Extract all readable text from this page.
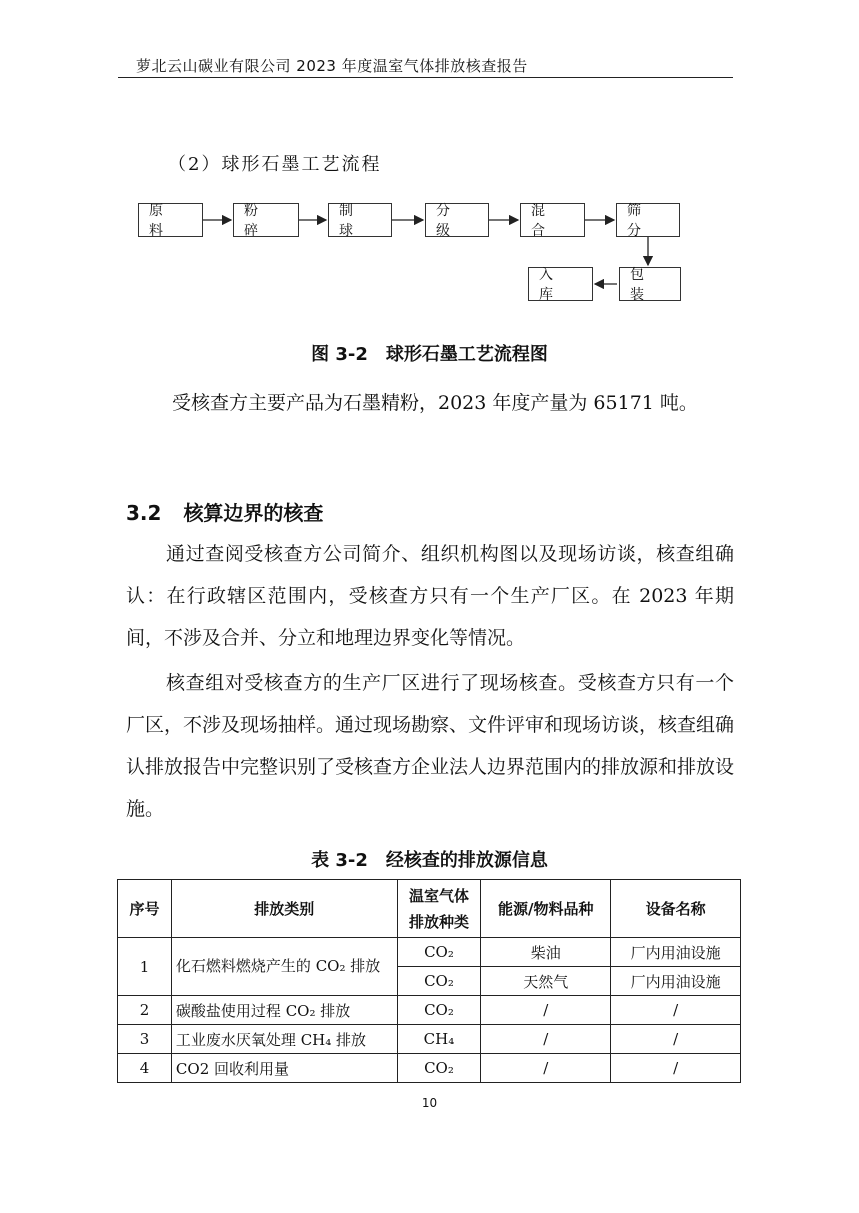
萝北云山碳业有限公司 2023 年度温室气体排放核查报告
（2）球形石墨工艺流程
原 料
粉 碎
制 球
分 级
混 合
筛 分
入 库
包 装
图 3-2　球形石墨工艺流程图
受核查方主要产品为石墨精粉，2023 年度产量为 65171 吨。
3.2 核算边界的核查
通过查阅受核查方公司简介、组织机构图以及现场访谈，核查组确认：在行政辖区范围内，受核查方只有一个生产厂区。在 2023 年期间，不涉及合并、分立和地理边界变化等情况。
核查组对受核查方的生产厂区进行了现场核查。受核查方只有一个厂区，不涉及现场抽样。通过现场勘察、文件评审和现场访谈，核查组确认排放报告中完整识别了受核查方企业法人边界范围内的排放源和排放设施。
表 3-2　经核查的排放源信息
序号	排放类别	温室气体排放种类	能源/物料品种	设备名称
1	化石燃料燃烧产生的 CO₂ 排放	CO₂	柴油	厂内用油设施
		CO₂	天然气	厂内用油设施
2	碳酸盐使用过程 CO₂ 排放	CO₂	/	/
3	工业废水厌氧处理 CH₄ 排放	CH₄	/	/
4	CO2 回收利用量	CO₂	/	/
10
